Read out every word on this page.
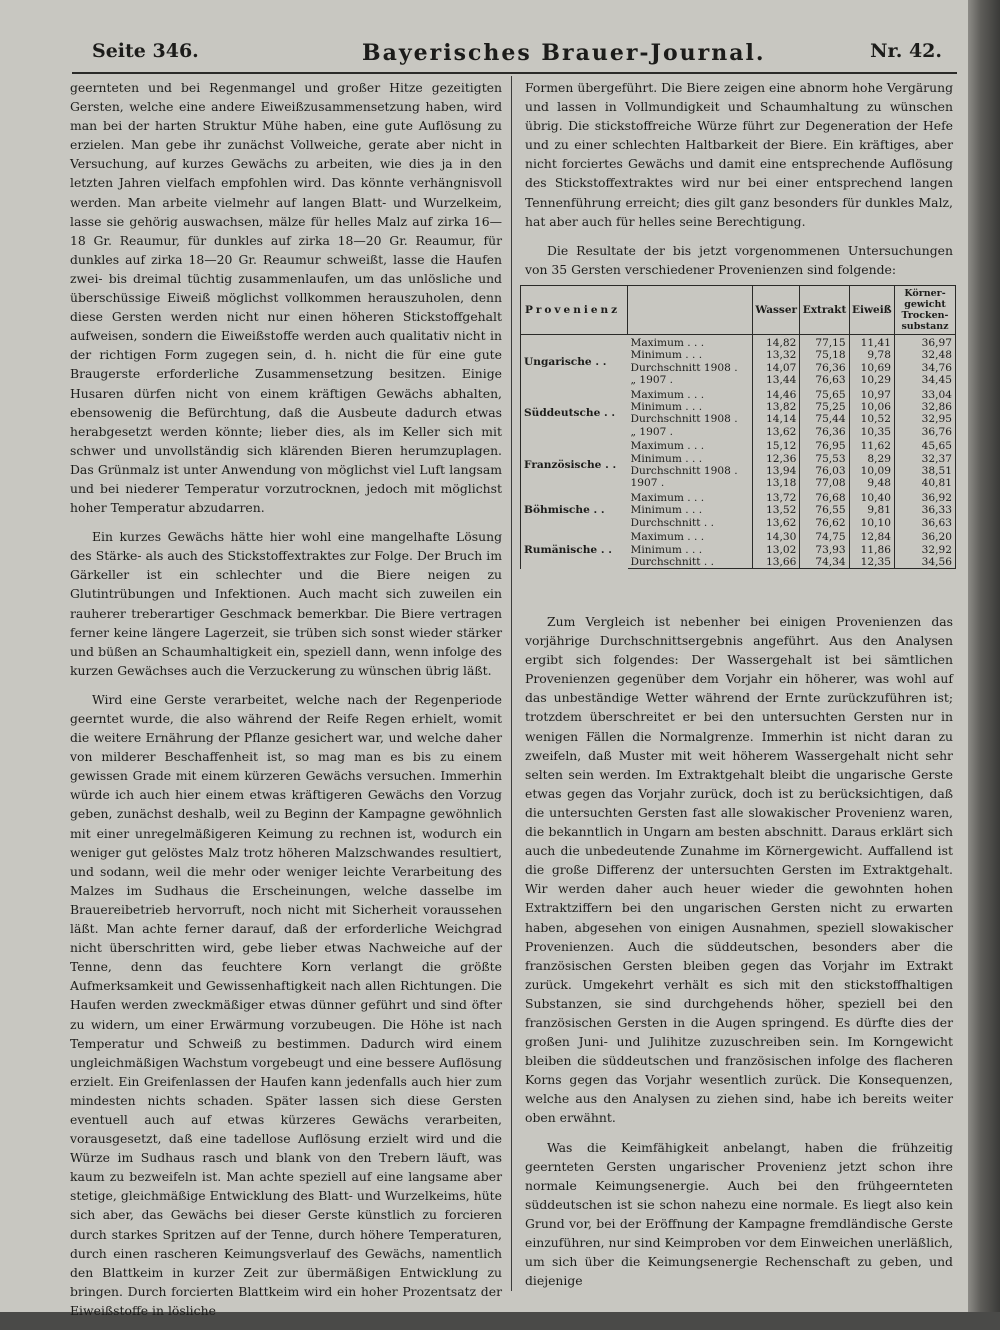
Seite 346.	Bayerisches Brauer-Journal.	Nr. 42.

geernteten und bei Regenmangel und großer Hitze gezeitigten Gersten, welche eine andere Eiweißzusammensetzung haben, wird man bei der harten Struktur Mühe haben, eine gute Auflösung zu erzielen. Man gebe ihr zunächst Vollweiche, gerate aber nicht in Versuchung, auf kurzes Gewächs zu arbeiten, wie dies ja in den letzten Jahren vielfach empfohlen wird. Das könnte verhängnisvoll werden. Man arbeite vielmehr auf langen Blatt- und Wurzelkeim, lasse sie gehörig auswachsen, mälze für helles Malz auf zirka 16—18 Gr. Reaumur, für dunkles auf zirka 18—20 Gr. Reaumur, für dunkles auf zirka 18—20 Gr. Reaumur schweißt, lasse die Haufen zwei- bis dreimal tüchtig zusammenlaufen, um das unlösliche und überschüssige Eiweiß möglichst vollkommen herauszuholen, denn diese Gersten werden nicht nur einen höheren Stickstoffgehalt aufweisen, sondern die Eiweißstoffe werden auch qualitativ nicht in der richtigen Form zugegen sein, d. h. nicht die für eine gute Braugerste erforderliche Zusammensetzung besitzen. Einige Husaren dürfen nicht von einem kräftigen Gewächs abhalten, ebensowenig die Befürchtung, daß die Ausbeute dadurch etwas herabgesetzt werden könnte; lieber dies, als im Keller sich mit schwer und unvollständig sich klärenden Bieren herumzuplagen. Das Grünmalz ist unter Anwendung von möglichst viel Luft langsam und bei niederer Temperatur vorzutrocknen, jedoch mit möglichst hoher Temperatur abzudarren.

Ein kurzes Gewächs hätte hier wohl eine mangelhafte Lösung des Stärke- als auch des Stickstoffextraktes zur Folge. Der Bruch im Gärkeller ist ein schlechter und die Biere neigen zu Glutintrübungen und Infektionen. Auch macht sich zuweilen ein rauherer treberartiger Geschmack bemerkbar. Die Biere vertragen ferner keine längere Lagerzeit, sie trüben sich sonst wieder stärker und büßen an Schaumhaltigkeit ein, speziell dann, wenn infolge des kurzen Gewächses auch die Verzuckerung zu wünschen übrig läßt.

Wird eine Gerste verarbeitet, welche nach der Regenperiode geerntet wurde, die also während der Reife Regen erhielt, womit die weitere Ernährung der Pflanze gesichert war, und welche daher von milderer Beschaffenheit ist, so mag man es bis zu einem gewissen Grade mit einem kürzeren Gewächs versuchen. Immerhin würde ich auch hier einem etwas kräftigeren Gewächs den Vorzug geben, zunächst deshalb, weil zu Beginn der Kampagne gewöhnlich mit einer unregelmäßigeren Keimung zu rechnen ist, wodurch ein weniger gut gelöstes Malz trotz höheren Malzschwandes resultiert, und sodann, weil die mehr oder weniger leichte Verarbeitung des Malzes im Sudhaus die Erscheinungen, welche dasselbe im Brauereibetrieb hervorruft, noch nicht mit Sicherheit voraussehen läßt. Man achte ferner darauf, daß der erforderliche Weichgrad nicht überschritten wird, gebe lieber etwas Nachweiche auf der Tenne, denn das feuchtere Korn verlangt die größte Aufmerksamkeit und Gewissenhaftigkeit nach allen Richtungen. Die Haufen werden zweckmäßiger etwas dünner geführt und sind öfter zu widern, um einer Erwärmung vorzubeugen. Die Höhe ist nach Temperatur und Schweiß zu bestimmen. Dadurch wird einem ungleichmäßigen Wachstum vorgebeugt und eine bessere Auflösung erzielt. Ein Greifenlassen der Haufen kann jedenfalls auch hier zum mindesten nichts schaden. Später lassen sich diese Gersten eventuell auch auf etwas kürzeres Gewächs verarbeiten, vorausgesetzt, daß eine tadellose Auflösung erzielt wird und die Würze im Sudhaus rasch und blank von den Trebern läuft, was kaum zu bezweifeln ist. Man achte speziell auf eine langsame aber stetige, gleichmäßige Entwicklung des Blatt- und Wurzelkeims, hüte sich aber, das Gewächs bei dieser Gerste künstlich zu forcieren durch starkes Spritzen auf der Tenne, durch höhere Temperaturen, durch einen rascheren Keimungsverlauf des Gewächs, namentlich den Blattkeim in kurzer Zeit zur übermäßigen Entwicklung zu bringen. Durch forcierten Blattkeim wird ein hoher Prozentsatz der Eiweißstoffe in lösliche

Formen übergeführt. Die Biere zeigen eine abnorm hohe Vergärung und lassen in Vollmundigkeit und Schaumhaltung zu wünschen übrig. Die stickstoffreiche Würze führt zur Degeneration der Hefe und zu einer schlechten Haltbarkeit der Biere. Ein kräftiges, aber nicht forciertes Gewächs und damit eine entsprechende Auflösung des Stickstoffextraktes wird nur bei einer entsprechend langen Tennenführung erreicht; dies gilt ganz besonders für dunkles Malz, hat aber auch für helles seine Berechtigung.

Die Resultate der bis jetzt vorgenommenen Untersuchungen von 35 Gersten verschiedener Provenienzen sind folgende:

Provenienz		Wasser	Extrakt	Eiweiß	Körner-gewicht Trocken-substanz
Ungarische . .	Maximum . . .	14,82	77,15	11,41	36,97
	Minimum . . .	13,32	75,18	9,78	32,48
	Durchschnitt 1908 .	14,07	76,36	10,69	34,76
	„ 1907 .	13,44	76,63	10,29	34,45
Süddeutsche . .	Maximum . . .	14,46	75,65	10,97	33,04
	Minimum . . .	13,82	75,25	10,06	32,86
	Durchschnitt 1908 .	14,14	75,44	10,52	32,95
	„ 1907 .	13,62	76,36	10,35	36,76
Französische . .	Maximum . . .	15,12	76,95	11,62	45,65
	Minimum . . .	12,36	75,53	8,29	32,37
	Durchschnitt 1908 .	13,94	76,03	10,09	38,51
	1907 .	13,18	77,08	9,48	40,81
Böhmische . .	Maximum . . .	13,72	76,68	10,40	36,92
	Minimum . . .	13,52	76,55	9,81	36,33
	Durchschnitt . .	13,62	76,62	10,10	36,63
Rumänische . .	Maximum . . .	14,30	74,75	12,84	36,20
	Minimum . . .	13,02	73,93	11,86	32,92
	Durchschnitt . .	13,66	74,34	12,35	34,56

Zum Vergleich ist nebenher bei einigen Provenienzen das vorjährige Durchschnittsergebnis angeführt. Aus den Analysen ergibt sich folgendes: Der Wassergehalt ist bei sämtlichen Provenienzen gegenüber dem Vorjahr ein höherer, was wohl auf das unbeständige Wetter während der Ernte zurückzuführen ist; trotzdem überschreitet er bei den untersuchten Gersten nur in wenigen Fällen die Normalgrenze. Immerhin ist nicht daran zu zweifeln, daß Muster mit weit höherem Wassergehalt nicht sehr selten sein werden. Im Extraktgehalt bleibt die ungarische Gerste etwas gegen das Vorjahr zurück, doch ist zu berücksichtigen, daß die untersuchten Gersten fast alle slowakischer Provenienz waren, die bekanntlich in Ungarn am besten abschnitt. Daraus erklärt sich auch die unbedeutende Zunahme im Körnergewicht. Auffallend ist die große Differenz der untersuchten Gersten im Extraktgehalt. Wir werden daher auch heuer wieder die gewohnten hohen Extraktziffern bei den ungarischen Gersten nicht zu erwarten haben, abgesehen von einigen Ausnahmen, speziell slowakischer Provenienzen. Auch die süddeutschen, besonders aber die französischen Gersten bleiben gegen das Vorjahr im Extrakt zurück. Umgekehrt verhält es sich mit den stickstoffhaltigen Substanzen, sie sind durchgehends höher, speziell bei den französischen Gersten in die Augen springend. Es dürfte dies der großen Juni- und Julihitze zuzuschreiben sein. Im Korngewicht bleiben die süddeutschen und französischen infolge des flacheren Korns gegen das Vorjahr wesentlich zurück. Die Konsequenzen, welche aus den Analysen zu ziehen sind, habe ich bereits weiter oben erwähnt.

Was die Keimfähigkeit anbelangt, haben die frühzeitig geernteten Gersten ungarischer Provenienz jetzt schon ihre normale Keimungsenergie. Auch bei den frühgeernteten süddeutschen ist sie schon nahezu eine normale. Es liegt also kein Grund vor, bei der Eröffnung der Kampagne fremdländische Gerste einzuführen, nur sind Keimproben vor dem Einweichen unerläßlich, um sich über die Keimungsenergie Rechenschaft zu geben, und diejenige
